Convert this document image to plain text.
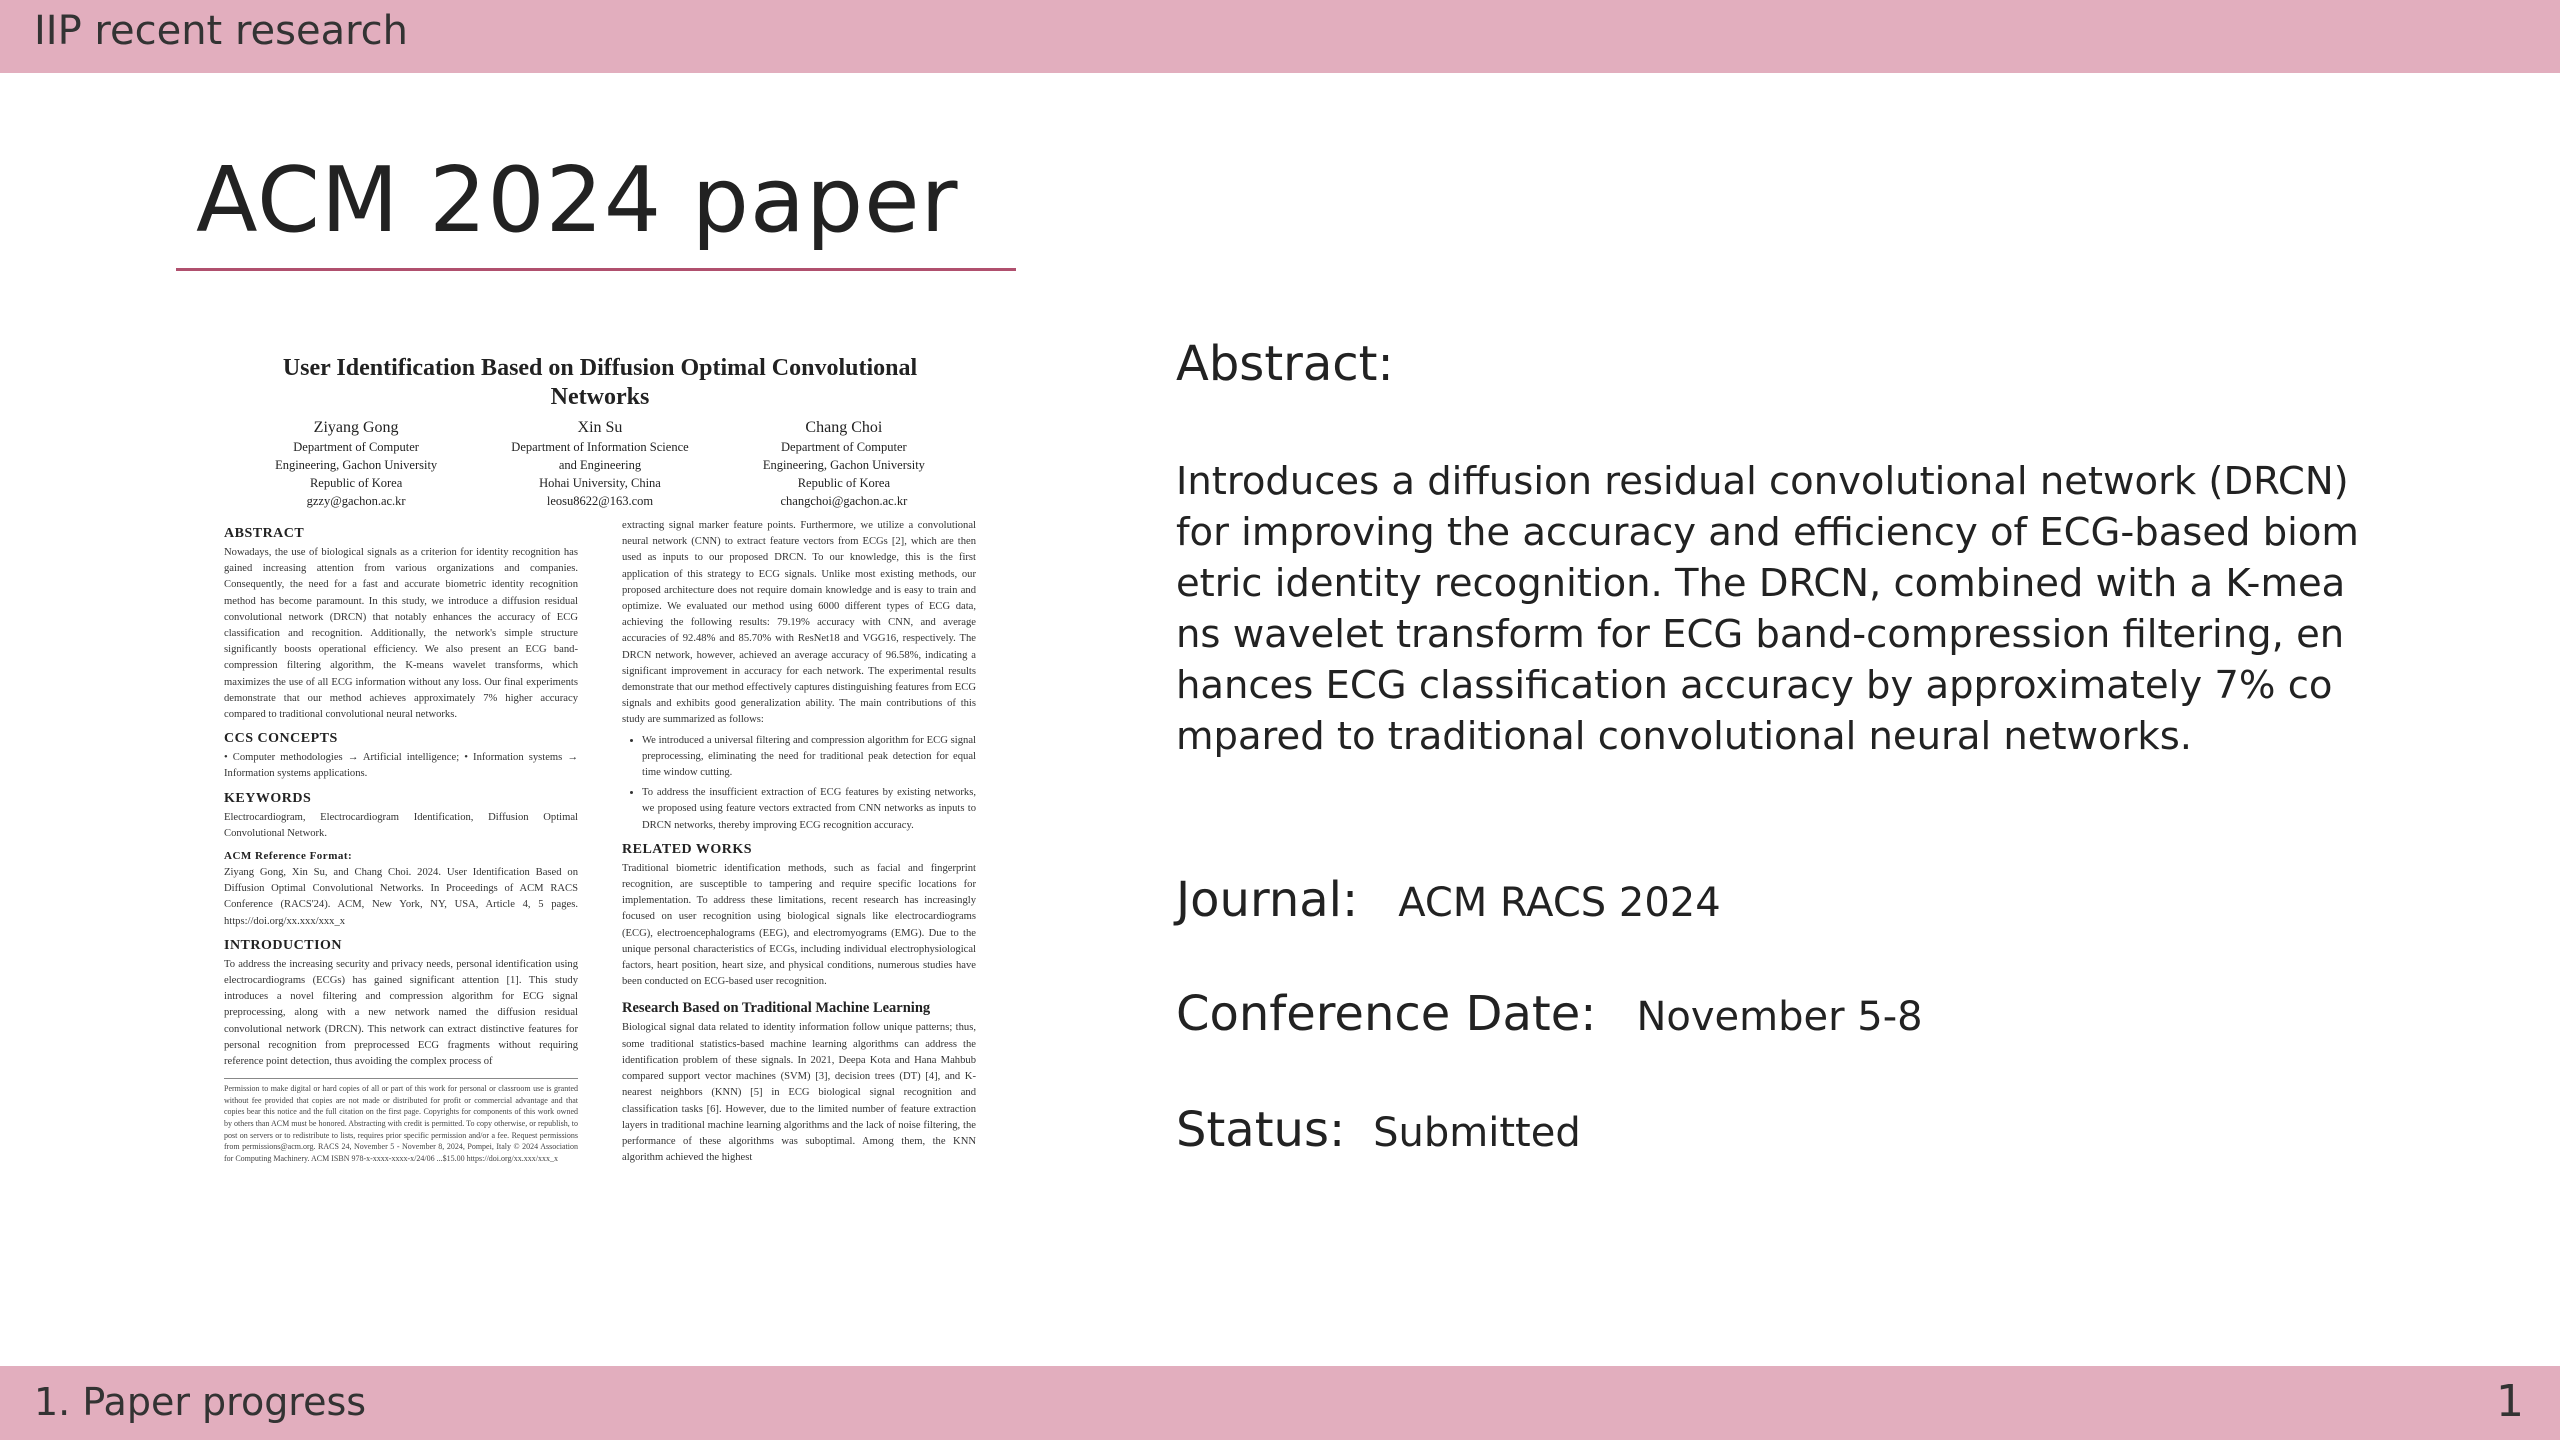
IIP recent research
ACM 2024 paper
User Identification Based on Diffusion Optimal Convolutional Networks
Ziyang Gong
Department of Computer
Engineering, Gachon University
Republic of Korea
gzzy@gachon.ac.kr
Xin Su
Department of Information Science
and Engineering
Hohai University, China
leosu8622@163.com
Chang Choi
Department of Computer
Engineering, Gachon University
Republic of Korea
changchoi@gachon.ac.kr
ABSTRACT
Nowadays, the use of biological signals as a criterion for identity recognition has gained increasing attention from various organizations and companies. Consequently, the need for a fast and accurate biometric identity recognition method has become paramount. In this study, we introduce a diffusion residual convolutional network (DRCN) that notably enhances the accuracy of ECG classification and recognition. Additionally, the network's simple structure significantly boosts operational efficiency. We also present an ECG band-compression filtering algorithm, the K-means wavelet transforms, which maximizes the use of all ECG information without any loss. Our final experiments demonstrate that our method achieves approximately 7% higher accuracy compared to traditional convolutional neural networks.
CCS CONCEPTS
• Computer methodologies → Artificial intelligence; • Information systems → Information systems applications.
KEYWORDS
Electrocardiogram, Electrocardiogram Identification, Diffusion Optimal Convolutional Network.
ACM Reference Format:
Ziyang Gong, Xin Su, and Chang Choi. 2024. User Identification Based on Diffusion Optimal Convolutional Networks. In Proceedings of ACM RACS Conference (RACS'24). ACM, New York, NY, USA, Article 4, 5 pages. https://doi.org/xx.xxx/xxx_x
INTRODUCTION
To address the increasing security and privacy needs, personal identification using electrocardiograms (ECGs) has gained significant attention [1]. This study introduces a novel filtering and compression algorithm for ECG signal preprocessing, along with a new network named the diffusion residual convolutional network (DRCN). This network can extract distinctive features for personal recognition from preprocessed ECG fragments without requiring reference point detection, thus avoiding the complex process of
Permission to make digital or hard copies of all or part of this work for personal or classroom use is granted without fee provided that copies are not made or distributed for profit or commercial advantage and that copies bear this notice and the full citation on the first page. Copyrights for components of this work owned by others than ACM must be honored. Abstracting with credit is permitted. To copy otherwise, or republish, to post on servers or to redistribute to lists, requires prior specific permission and/or a fee. Request permissions from permissions@acm.org. RACS 24, November 5 - November 8, 2024, Pompei, Italy © 2024 Association for Computing Machinery. ACM ISBN 978-x-xxxx-xxxx-x/24/06 ...$15.00 https://doi.org/xx.xxx/xxx_x
extracting signal marker feature points. Furthermore, we utilize a convolutional neural network (CNN) to extract feature vectors from ECGs [2], which are then used as inputs to our proposed DRCN. To our knowledge, this is the first application of this strategy to ECG signals. Unlike most existing methods, our proposed architecture does not require domain knowledge and is easy to train and optimize. We evaluated our method using 6000 different types of ECG data, achieving the following results: 79.19% accuracy with CNN, and average accuracies of 92.48% and 85.70% with ResNet18 and VGG16, respectively. The DRCN network, however, achieved an average accuracy of 96.58%, indicating a significant improvement in accuracy for each network. The experimental results demonstrate that our method effectively captures distinguishing features from ECG signals and exhibits good generalization ability. The main contributions of this study are summarized as follows:
• We introduced a universal filtering and compression algorithm for ECG signal preprocessing, eliminating the need for traditional peak detection for equal time window cutting.
• To address the insufficient extraction of ECG features by existing networks, we proposed using feature vectors extracted from CNN networks as inputs to DRCN networks, thereby improving ECG recognition accuracy.
RELATED WORKS
Traditional biometric identification methods, such as facial and fingerprint recognition, are susceptible to tampering and require specific locations for implementation. To address these limitations, recent research has increasingly focused on user recognition using biological signals like electrocardiograms (ECG), electroencephalograms (EEG), and electromyograms (EMG). Due to the unique personal characteristics of ECGs, including individual electrophysiological factors, heart position, heart size, and physical conditions, numerous studies have been conducted on ECG-based user recognition.
Research Based on Traditional Machine Learning
Biological signal data related to identity information follow unique patterns; thus, some traditional statistics-based machine learning algorithms can address the identification problem of these signals. In 2021, Deepa Kota and Hana Mahbub compared support vector machines (SVM) [3], decision trees (DT) [4], and K-nearest neighbors (KNN) [5] in ECG biological signal recognition and classification tasks [6]. However, due to the limited number of feature extraction layers in traditional machine learning algorithms and the lack of noise filtering, the performance of these algorithms was suboptimal. Among them, the KNN algorithm achieved the highest
Abstract:
Introduces a diffusion residual convolutional network (DRCN) for improving the accuracy and efficiency of ECG-based biometric identity recognition. The DRCN, combined with a K-means wavelet transform for ECG band-compression filtering, enhances ECG classification accuracy by approximately 7% compared to traditional convolutional neural networks.
Journal: ACM RACS 2024
Conference Date: November 5-8
Status: Submitted
1. Paper progress	1
